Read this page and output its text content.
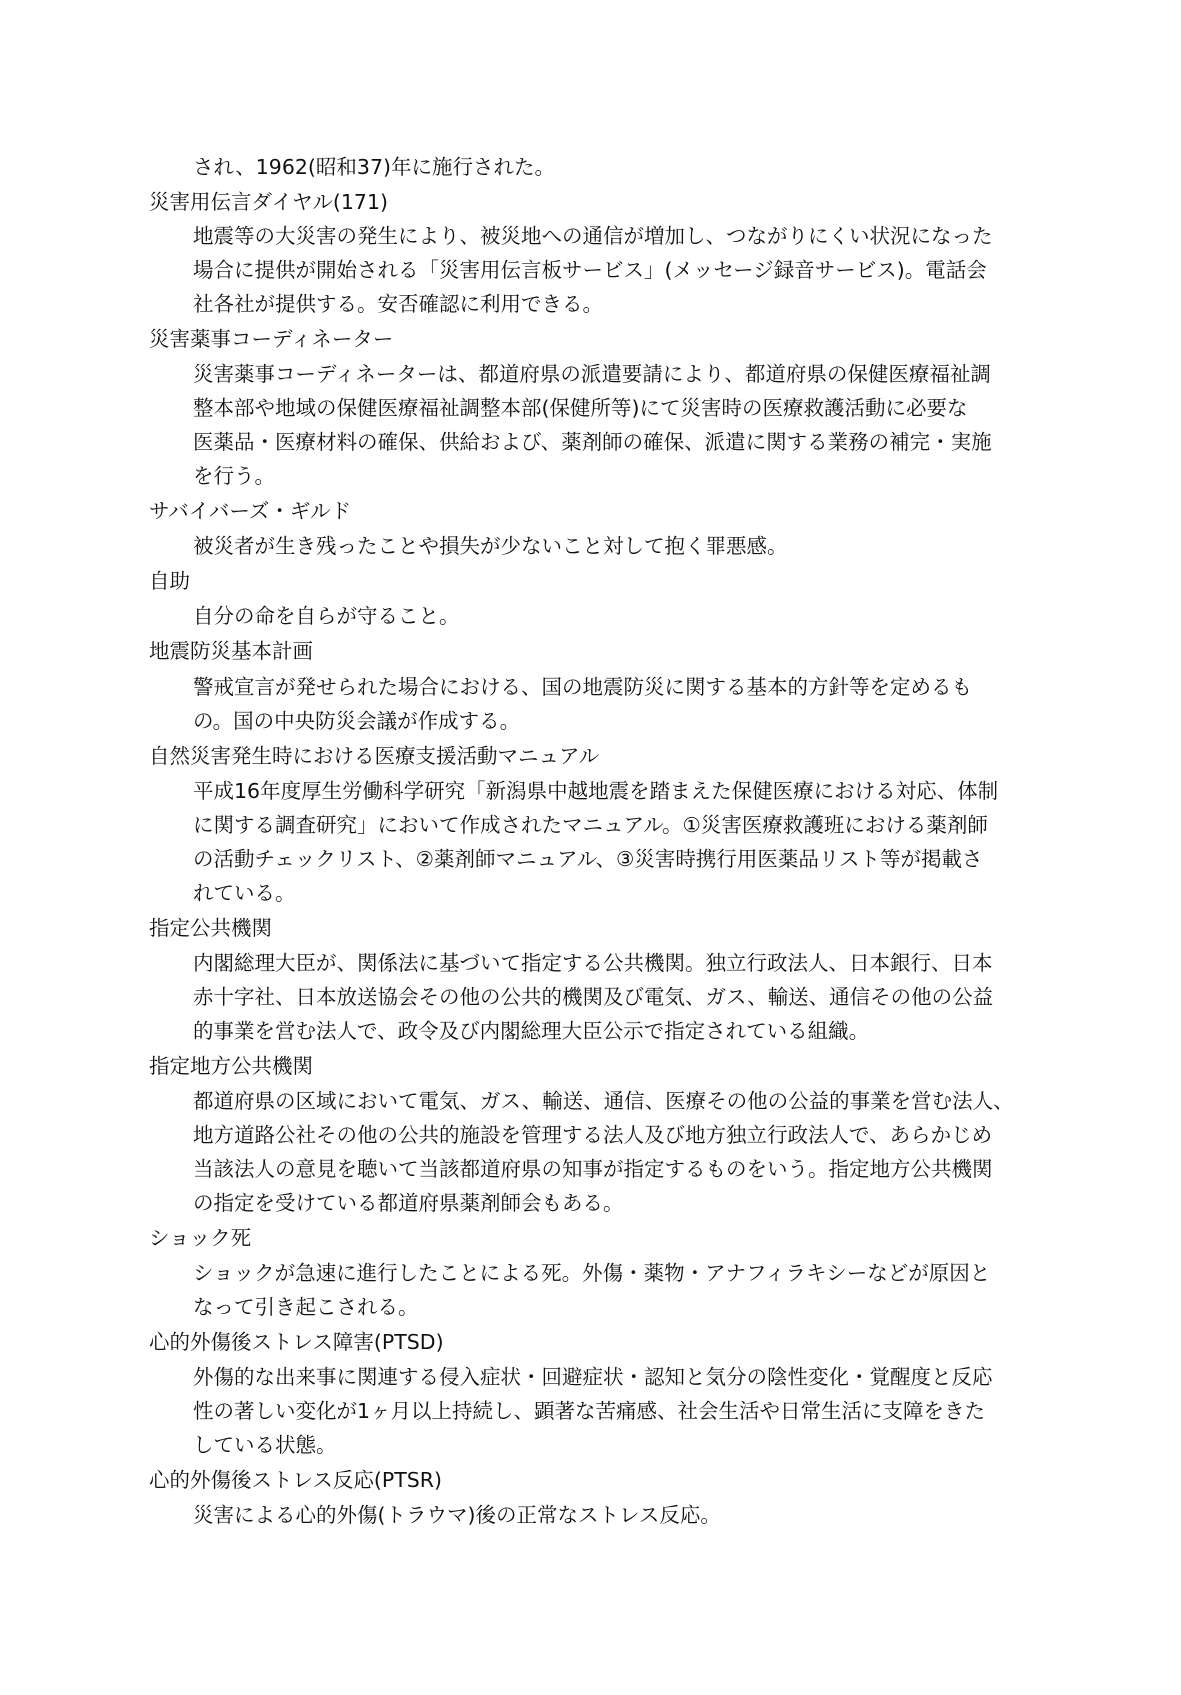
され、1962(昭和37)年に施行された。
災害用伝言ダイヤル(171)
地震等の大災害の発生により、被災地への通信が増加し、つながりにくい状況になった
場合に提供が開始される「災害用伝言板サービス」(メッセージ録音サービス)。電話会
社各社が提供する。安否確認に利用できる。
災害薬事コーディネーター
災害薬事コーディネーターは、都道府県の派遣要請により、都道府県の保健医療福祉調
整本部や地域の保健医療福祉調整本部(保健所等)にて災害時の医療救護活動に必要な
医薬品・医療材料の確保、供給および、薬剤師の確保、派遣に関する業務の補完・実施
を行う。
サバイバーズ・ギルド
被災者が生き残ったことや損失が少ないこと対して抱く罪悪感。
自助
自分の命を自らが守ること。
地震防災基本計画
警戒宣言が発せられた場合における、国の地震防災に関する基本的方針等を定めるも
の。国の中央防災会議が作成する。
自然災害発生時における医療支援活動マニュアル
平成16年度厚生労働科学研究「新潟県中越地震を踏まえた保健医療における対応、体制
に関する調査研究」において作成されたマニュアル。①災害医療救護班における薬剤師
の活動チェックリスト、②薬剤師マニュアル、③災害時携行用医薬品リスト等が掲載さ
れている。
指定公共機関
内閣総理大臣が、関係法に基づいて指定する公共機関。独立行政法人、日本銀行、日本
赤十字社、日本放送協会その他の公共的機関及び電気、ガス、輸送、通信その他の公益
的事業を営む法人で、政令及び内閣総理大臣公示で指定されている組織。
指定地方公共機関
都道府県の区域において電気、ガス、輸送、通信、医療その他の公益的事業を営む法人、
地方道路公社その他の公共的施設を管理する法人及び地方独立行政法人で、あらかじめ
当該法人の意見を聴いて当該都道府県の知事が指定するものをいう。指定地方公共機関
の指定を受けている都道府県薬剤師会もある。
ショック死
ショックが急速に進行したことによる死。外傷・薬物・アナフィラキシーなどが原因と
なって引き起こされる。
心的外傷後ストレス障害(PTSD)
外傷的な出来事に関連する侵入症状・回避症状・認知と気分の陰性変化・覚醒度と反応
性の著しい変化が1ヶ月以上持続し、顕著な苦痛感、社会生活や日常生活に支障をきた
している状態。
心的外傷後ストレス反応(PTSR)
災害による心的外傷(トラウマ)後の正常なストレス反応。
